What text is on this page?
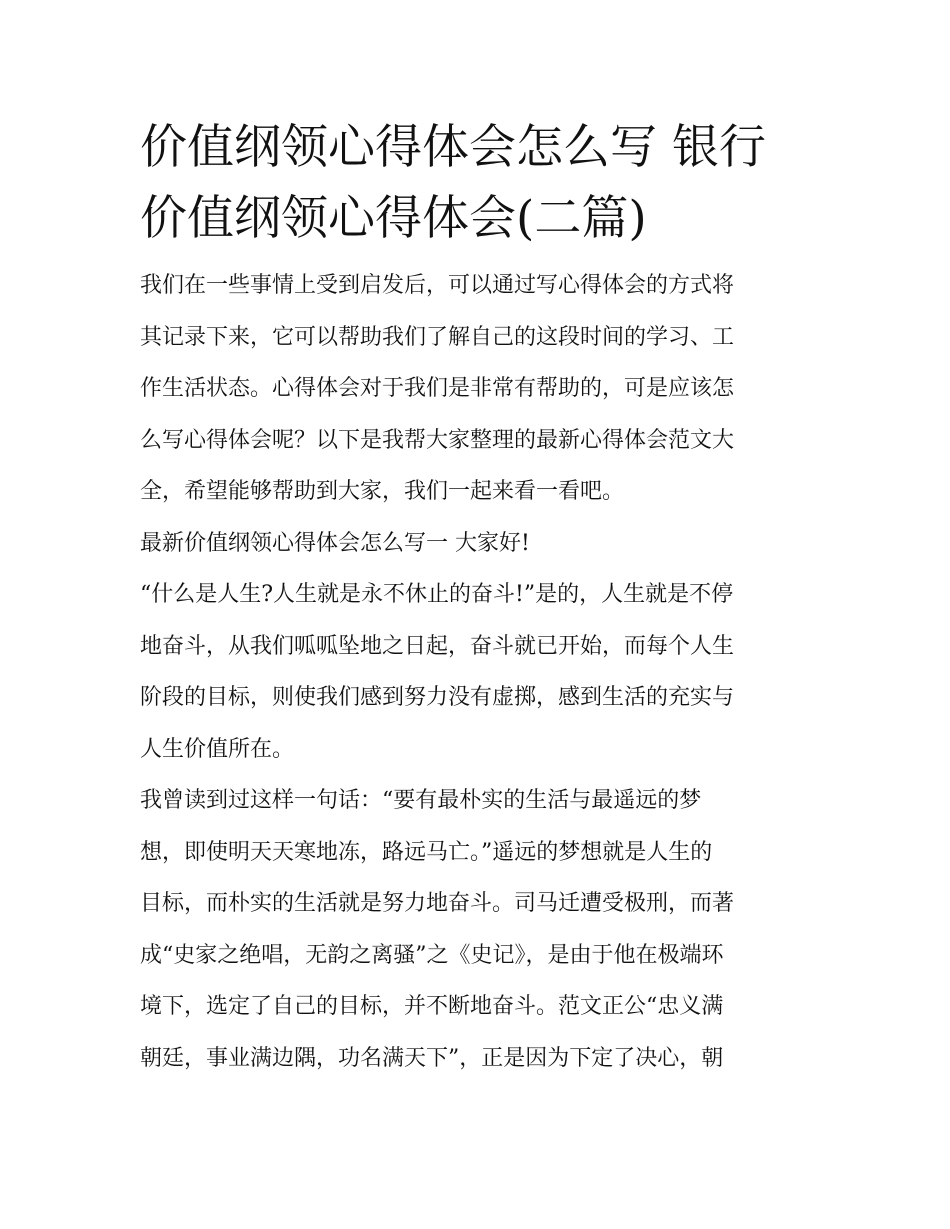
价值纲领心得体会怎么写 银行
价值纲领心得体会(二篇)

我们在一些事情上受到启发后，可以通过写心得体会的方式将
其记录下来，它可以帮助我们了解自己的这段时间的学习、工
作生活状态。心得体会对于我们是非常有帮助的，可是应该怎
么写心得体会呢？以下是我帮大家整理的最新心得体会范文大
全，希望能够帮助到大家，我们一起来看一看吧。

最新价值纲领心得体会怎么写一 大家好!

“什么是人生?人生就是永不休止的奋斗!”是的，人生就是不停
地奋斗，从我们呱呱坠地之日起，奋斗就已开始，而每个人生
阶段的目标，则使我们感到努力没有虚掷，感到生活的充实与
人生价值所在。

我曾读到过这样一句话：“要有最朴实的生活与最遥远的梦
想，即使明天天寒地冻，路远马亡。”遥远的梦想就是人生的
目标，而朴实的生活就是努力地奋斗。司马迁遭受极刑，而著
成“史家之绝唱，无韵之离骚”之《史记》，是由于他在极端环
境下，选定了自己的目标，并不断地奋斗。范文正公“忠义满
朝廷，事业满边隅，功名满天下”，正是因为下定了决心，朝
